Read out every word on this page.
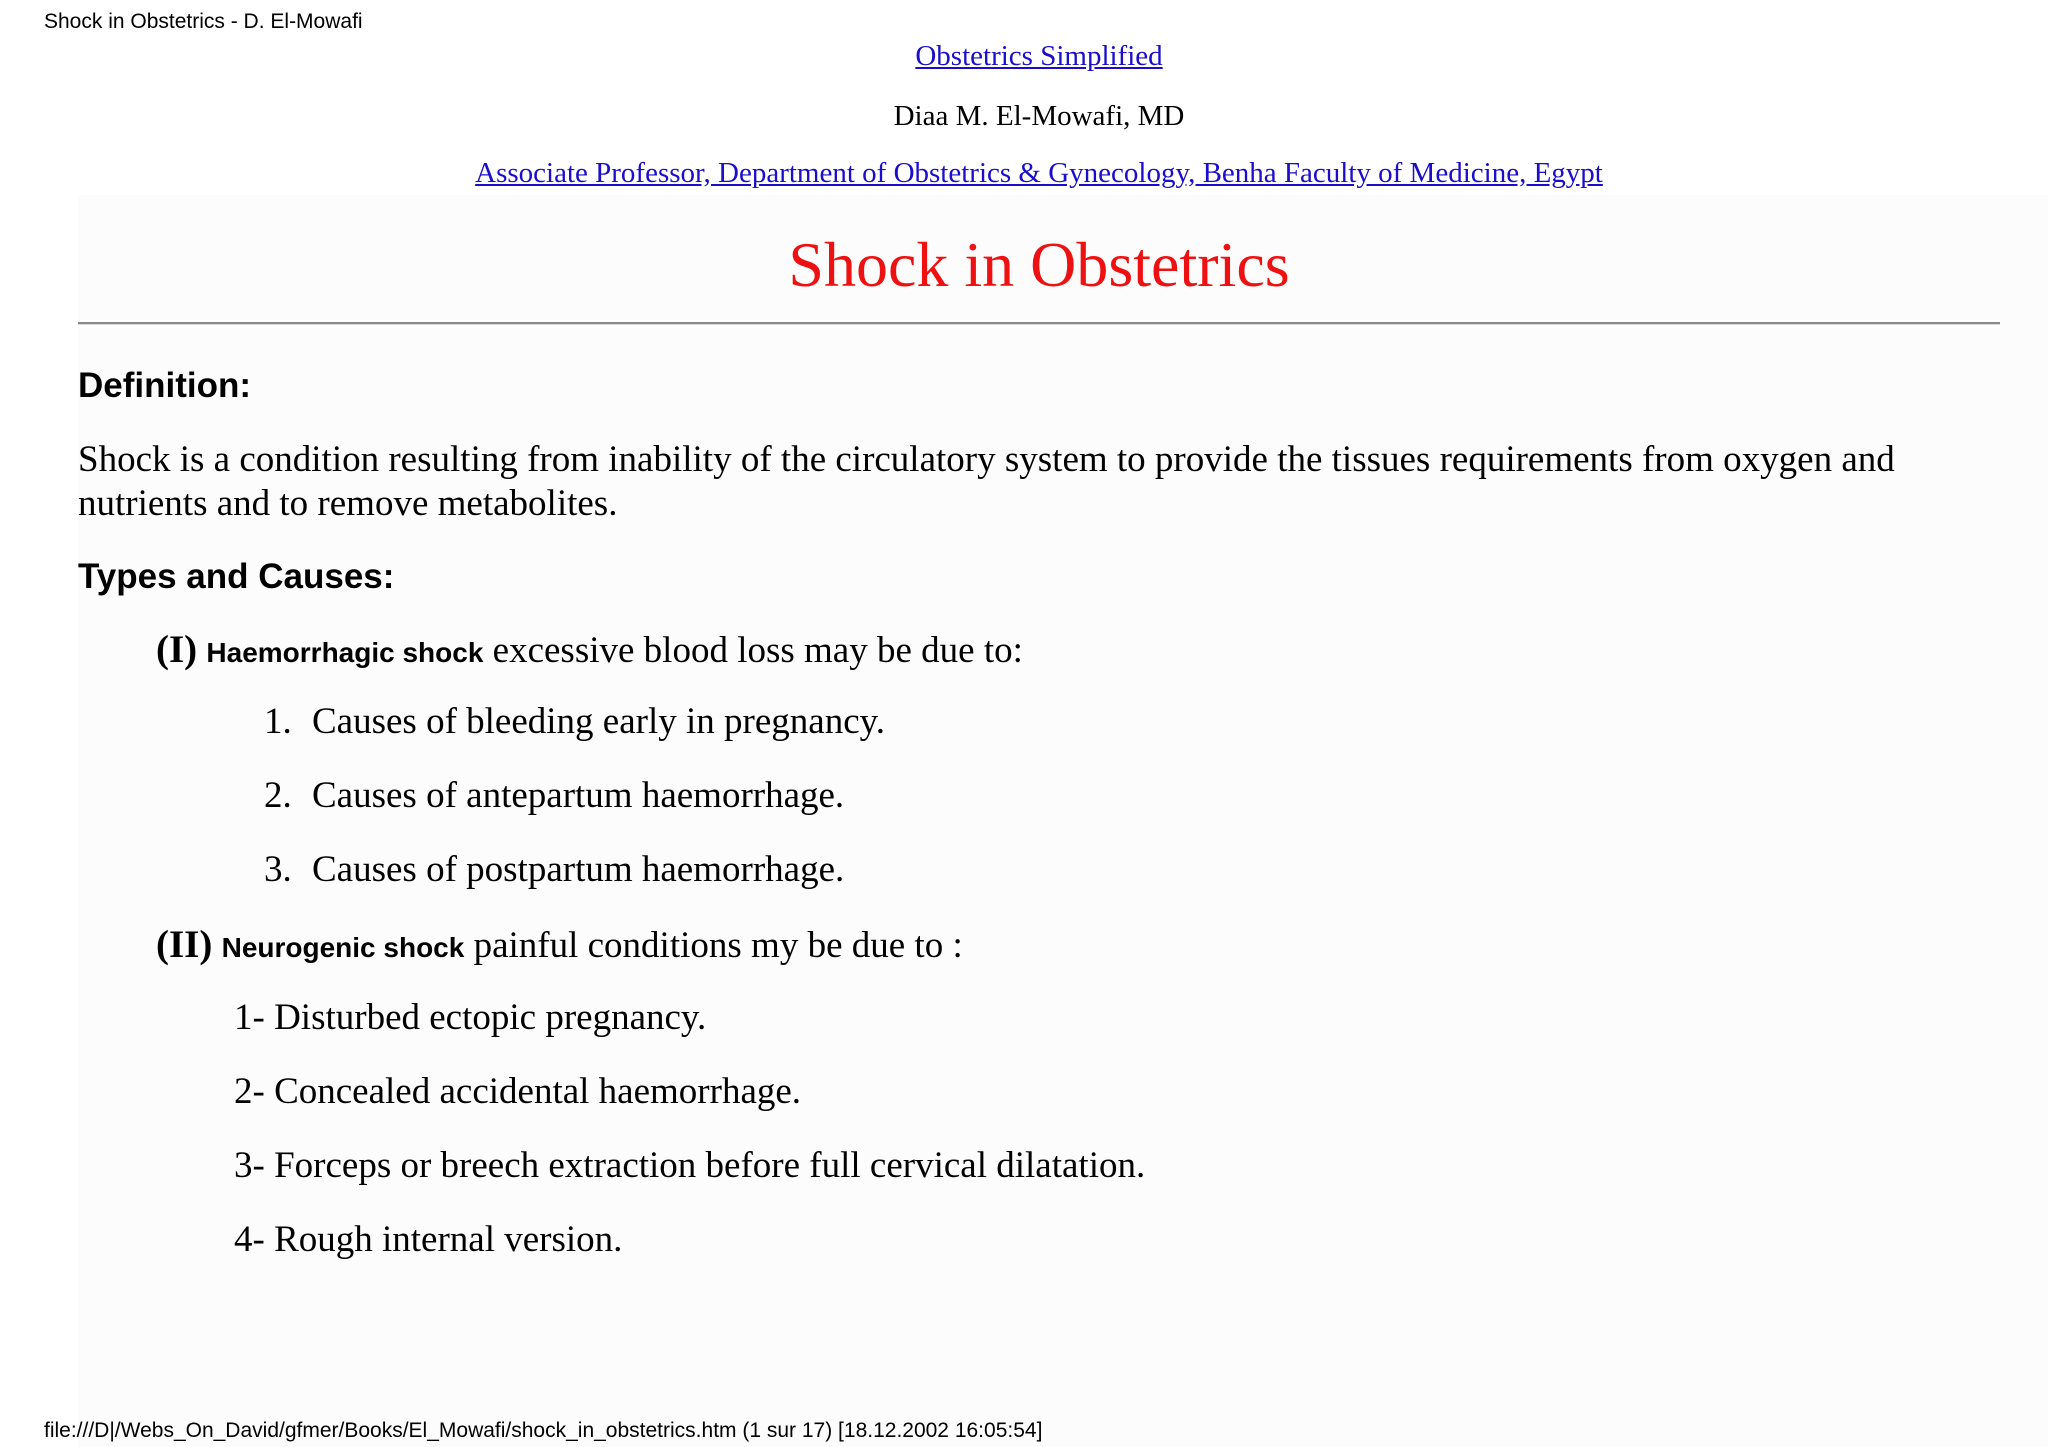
Shock in Obstetrics - D. El-Mowafi
Obstetrics Simplified
Diaa M. El-Mowafi, MD
Associate Professor, Department of Obstetrics & Gynecology, Benha Faculty of Medicine, Egypt
Shock in Obstetrics
Definition:
Shock is a condition resulting from inability of the circulatory system to provide the tissues requirements from oxygen and nutrients and to remove metabolites.
Types and Causes:
(I) Haemorrhagic shock excessive blood loss may be due to:
1. Causes of bleeding early in pregnancy.
2. Causes of antepartum haemorrhage.
3. Causes of postpartum haemorrhage.
(II) Neurogenic shock painful conditions my be due to :
1- Disturbed ectopic pregnancy.
2- Concealed accidental haemorrhage.
3- Forceps or breech extraction before full cervical dilatation.
4- Rough internal version.
file:///D|/Webs_On_David/gfmer/Books/El_Mowafi/shock_in_obstetrics.htm (1 sur 17) [18.12.2002 16:05:54]
